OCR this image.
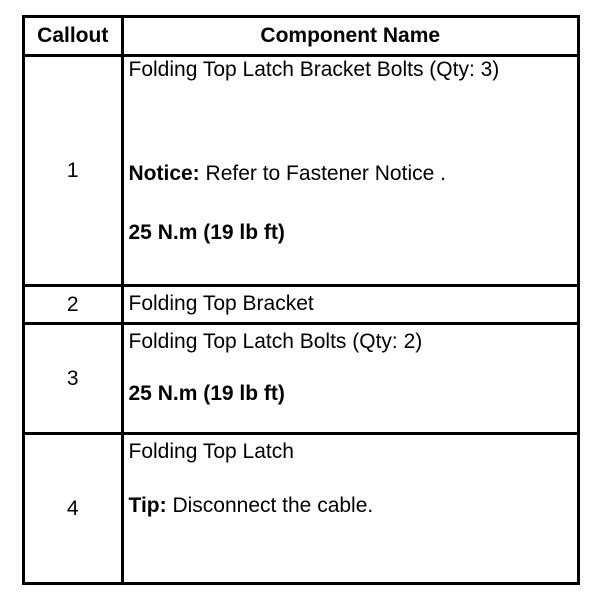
Callout	Component Name
1	Folding Top Latch Bracket Bolts (Qty: 3)
Notice: Refer to Fastener Notice .
25 N.m (19 lb ft)

2	Folding Top Bracket

3	Folding Top Latch Bolts (Qty: 2)
25 N.m (19 lb ft)

4	Folding Top Latch
Tip: Disconnect the cable.
